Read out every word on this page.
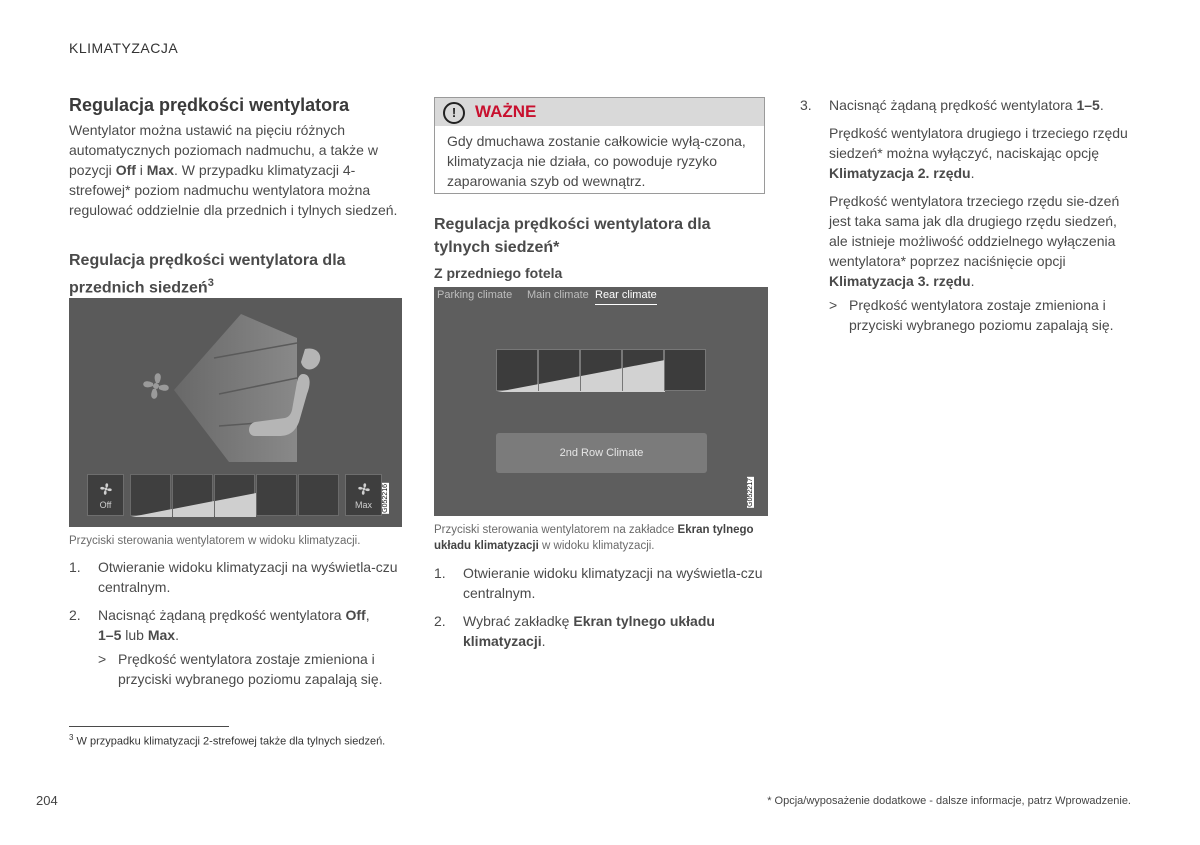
KLIMATYZACJA
Regulacja prędkości wentylatora
Wentylator można ustawić na pięciu różnych automatycznych poziomach nadmuchu, a także w pozycji Off i Max. W przypadku klimatyzacji 4-strefowej* poziom nadmuchu wentylatora można regulować oddzielnie dla przednich i tylnych siedzeń.
Regulacja prędkości wentylatora dla przednich siedzeń$^3$
Off	Max	G052216
Przyciski sterowania wentylatorem w widoku klimatyzacji.
1. Otwieranie widoku klimatyzacji na wyświetla-czu centralnym.
2. Nacisnąć żądaną prędkość wentylatora Off,
1–5 lub Max.
> Prędkość wentylatora zostaje zmieniona i przyciski wybranego poziomu zapalają się.
!	WAŻNE
Gdy dmuchawa zostanie całkowicie wyłą-czona, klimatyzacja nie działa, co powoduje ryzyko zaparowania szyb od wewnątrz.
Regulacja prędkości wentylatora dla tylnych siedzeń*
Z przedniego fotela
Parking climate Main climate Rear climate
2nd Row Climate
G052217
Przyciski sterowania wentylatorem na zakładce Ekran tylnego układu klimatyzacji w widoku klimatyzacji.
1. Otwieranie widoku klimatyzacji na wyświetla-czu centralnym.
2. Wybrać zakładkę Ekran tylnego układu klimatyzacji.
3. Nacisnąć żądaną prędkość wentylatora 1–5.
Prędkość wentylatora drugiego i trzeciego rzędu siedzeń* można wyłączyć, naciskając opcję Klimatyzacja 2. rzędu.
Prędkość wentylatora trzeciego rzędu sie-dzeń jest taka sama jak dla drugiego rzędu siedzeń, ale istnieje możliwość oddzielnego wyłączenia wentylatora* poprzez naciśnięcie opcji Klimatyzacja 3. rzędu.
> Prędkość wentylatora zostaje zmieniona i przyciski wybranego poziomu zapalają się.
$^3$ W przypadku klimatyzacji 2-strefowej także dla tylnych siedzeń.
204	* Opcja/wyposażenie dodatkowe - dalsze informacje, patrz Wprowadzenie.
